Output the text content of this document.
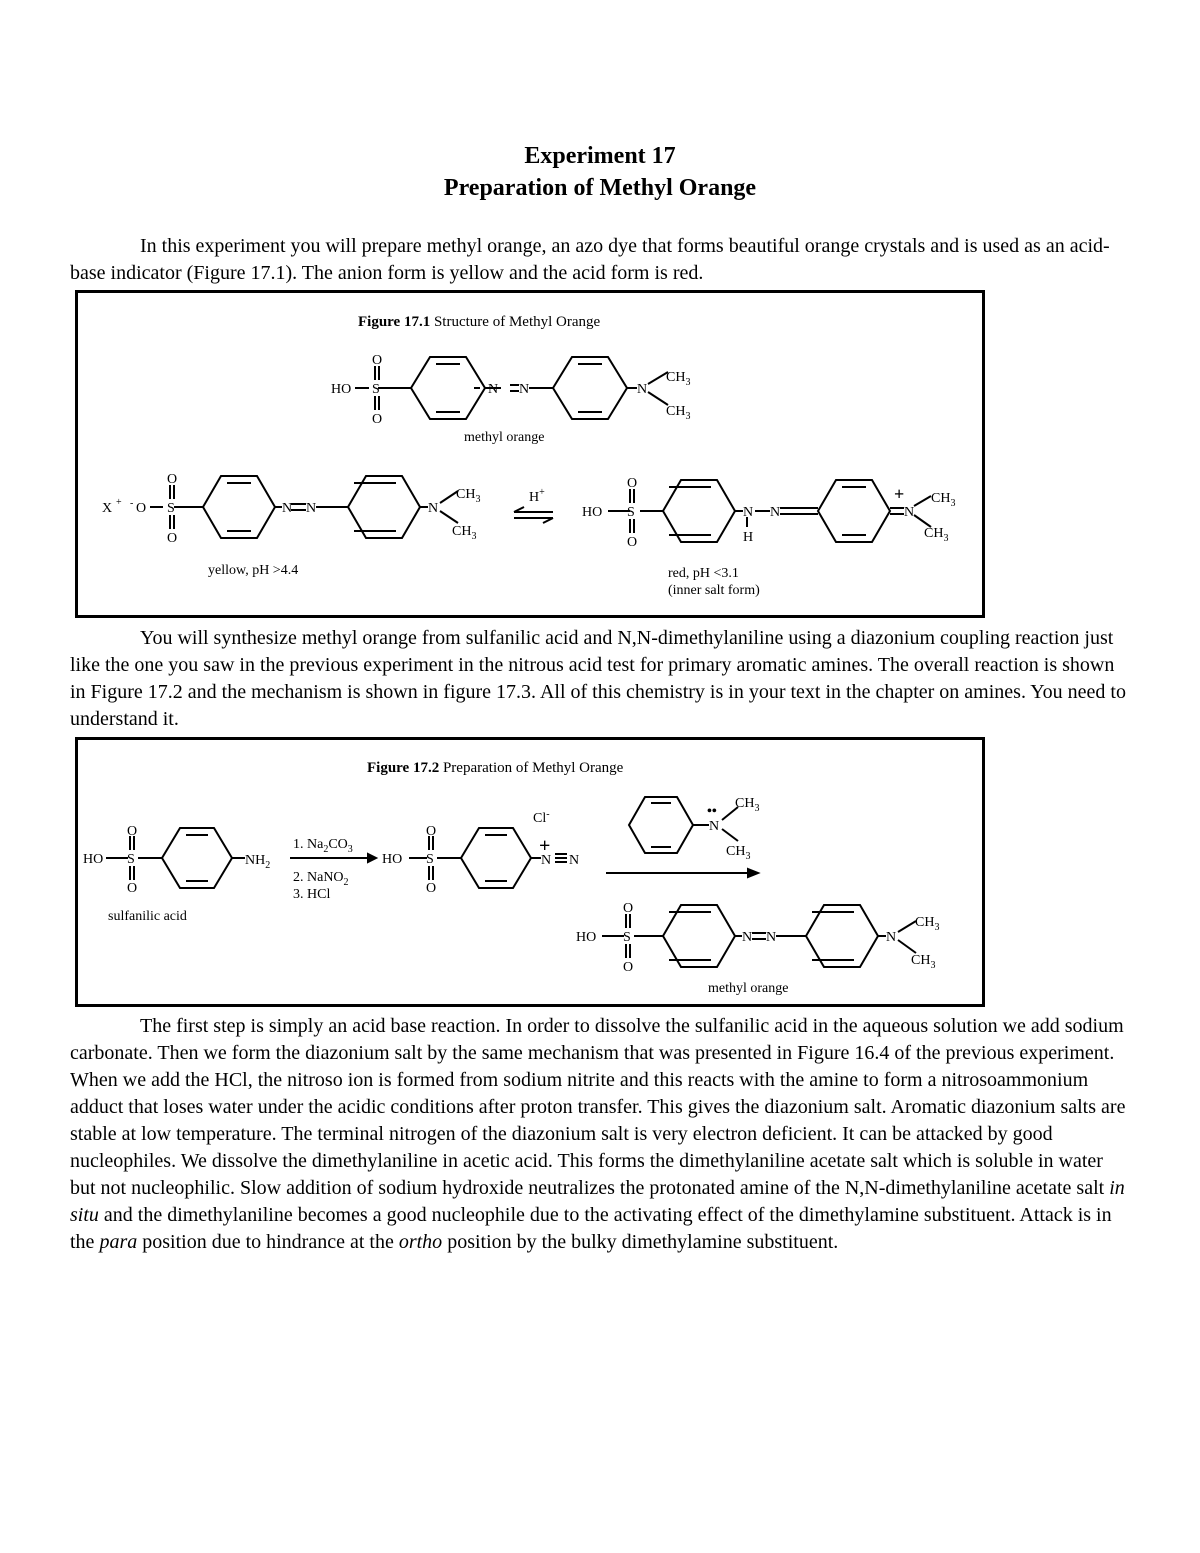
Experiment 17
Preparation of Methyl Orange

In this experiment you will prepare methyl orange, an azo dye that forms beautiful orange crystals and is used as an acid-base indicator (Figure 17.1). The anion form is yellow and the acid form is red.

Figure 17.1 Structure of Methyl Orange
HO
O
S
O
N N	N
$CH_3$
$CH_3$
methyl orange
X + - O
O
S
O
N N	N
$CH_3$
$CH_3$
yellow, pH >4.4
H+
HO
O
S
O
N
H
N	N
+ $CH_3$
$CH_3$
red, pH <3.1
(inner salt form)

You will synthesize methyl orange from sulfanilic acid and N,N-dimethylaniline using a diazonium coupling reaction just like the one you saw in the previous experiment in the nitrous acid test for primary aromatic amines. The overall reaction is shown in Figure 17.2 and the mechanism is shown in figure 17.3. All of this chemistry is in your text in the chapter on amines. You need to understand it.

Figure 17.2 Preparation of Methyl Orange
HO
O
S
O
$NH_2$
sulfanilic acid
1. $Na_2CO_3$
2. NaNO$_2$
3. HCl
HO
O
S
O
N N
+
Cl-
N
••
$CH_3$
$CH_3$
HO
O
S
O
N N	N
$CH_3$
$CH_3$
methyl orange

The first step is simply an acid base reaction. In order to dissolve the sulfanilic acid in the aqueous solution we add sodium carbonate. Then we form the diazonium salt by the same mechanism that was presented in Figure 16.4 of the previous experiment. When we add the HCl, the nitroso ion is formed from sodium nitrite and this reacts with the amine to form a nitrosoammonium adduct that loses water under the acidic conditions after proton transfer. This gives the diazonium salt. Aromatic diazonium salts are stable at low temperature. The terminal nitrogen of the diazonium salt is very electron deficient. It can be attacked by good nucleophiles. We dissolve the dimethylaniline in acetic acid. This forms the dimethylaniline acetate salt which is soluble in water but not nucleophilic. Slow addition of sodium hydroxide neutralizes the protonated amine of the N,N-dimethylaniline acetate salt in situ and the dimethylaniline becomes a good nucleophile due to the activating effect of the dimethylamine substituent. Attack is in the para position due to hindrance at the ortho position by the bulky dimethylamine substituent.
